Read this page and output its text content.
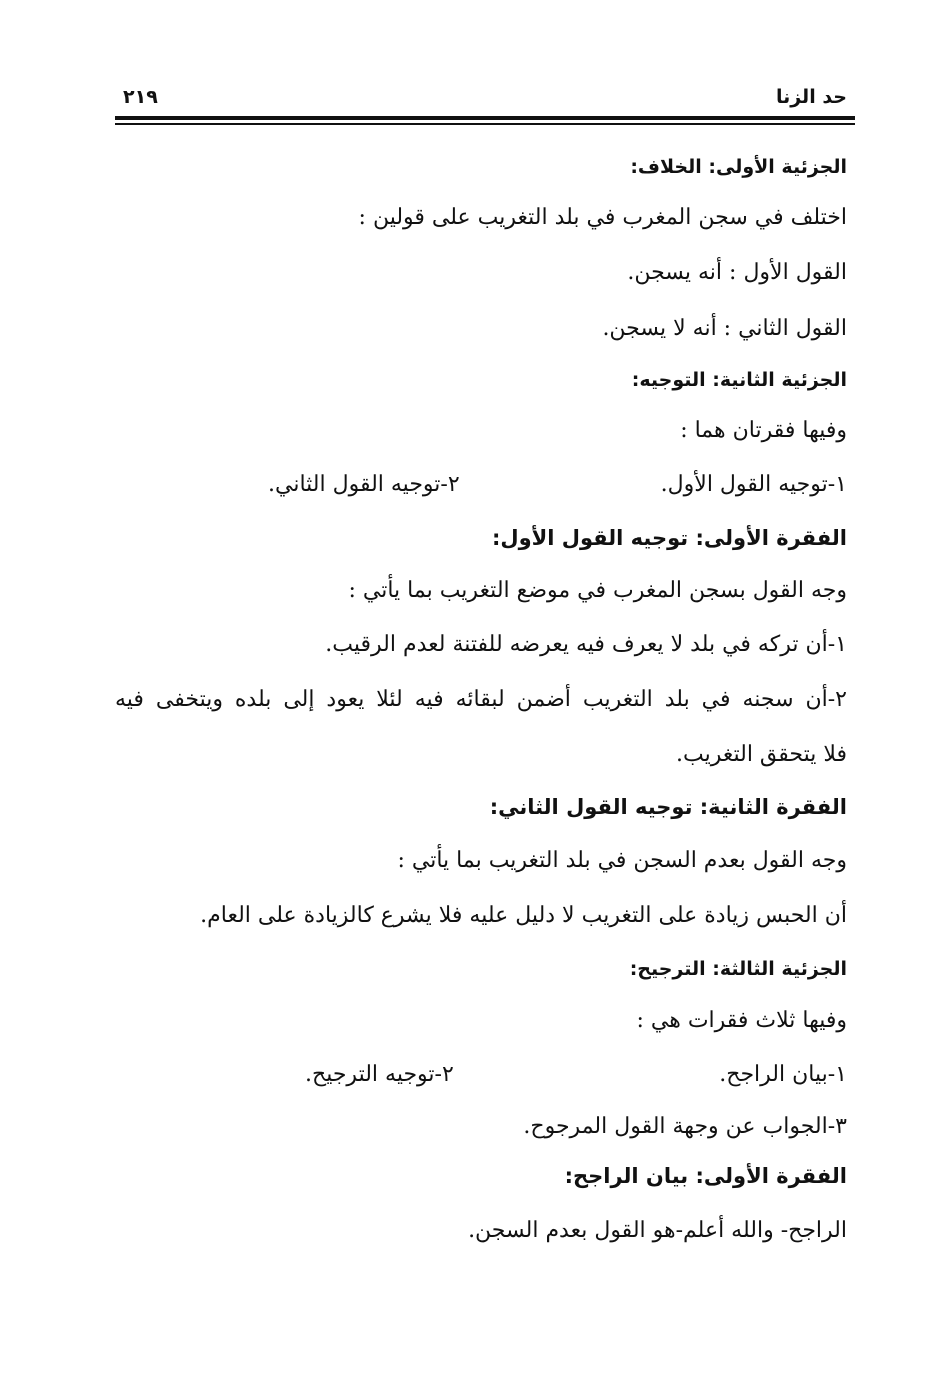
حد الزنا
٢١٩
الجزئية الأولى: الخلاف:
اختلف في سجن المغرب في بلد التغريب على قولين :
القول الأول : أنه يسجن.
القول الثاني : أنه لا يسجن.
الجزئية الثانية: التوجيه:
وفيها فقرتان هما :
١-توجيه القول الأول.
٢-توجيه القول الثاني.
الفقرة الأولى: توجيه القول الأول:
وجه القول بسجن المغرب في موضع التغريب بما يأتي :
١-أن تركه في بلد لا يعرف فيه يعرضه للفتنة لعدم الرقيب.
٢-أن سجنه في بلد التغريب أضمن لبقائه فيه لئلا يعود إلى بلده ويتخفى فيه
فلا يتحقق التغريب.
الفقرة الثانية: توجيه القول الثاني:
وجه القول بعدم السجن في بلد التغريب بما يأتي :
أن الحبس زيادة على التغريب لا دليل عليه فلا يشرع كالزيادة على العام.
الجزئية الثالثة: الترجيح:
وفيها ثلاث فقرات هي :
١-بيان الراجح.
٢-توجيه الترجيح.
٣-الجواب عن وجهة القول المرجوح.
الفقرة الأولى: بيان الراجح:
الراجح- والله أعلم-هو القول بعدم السجن.
